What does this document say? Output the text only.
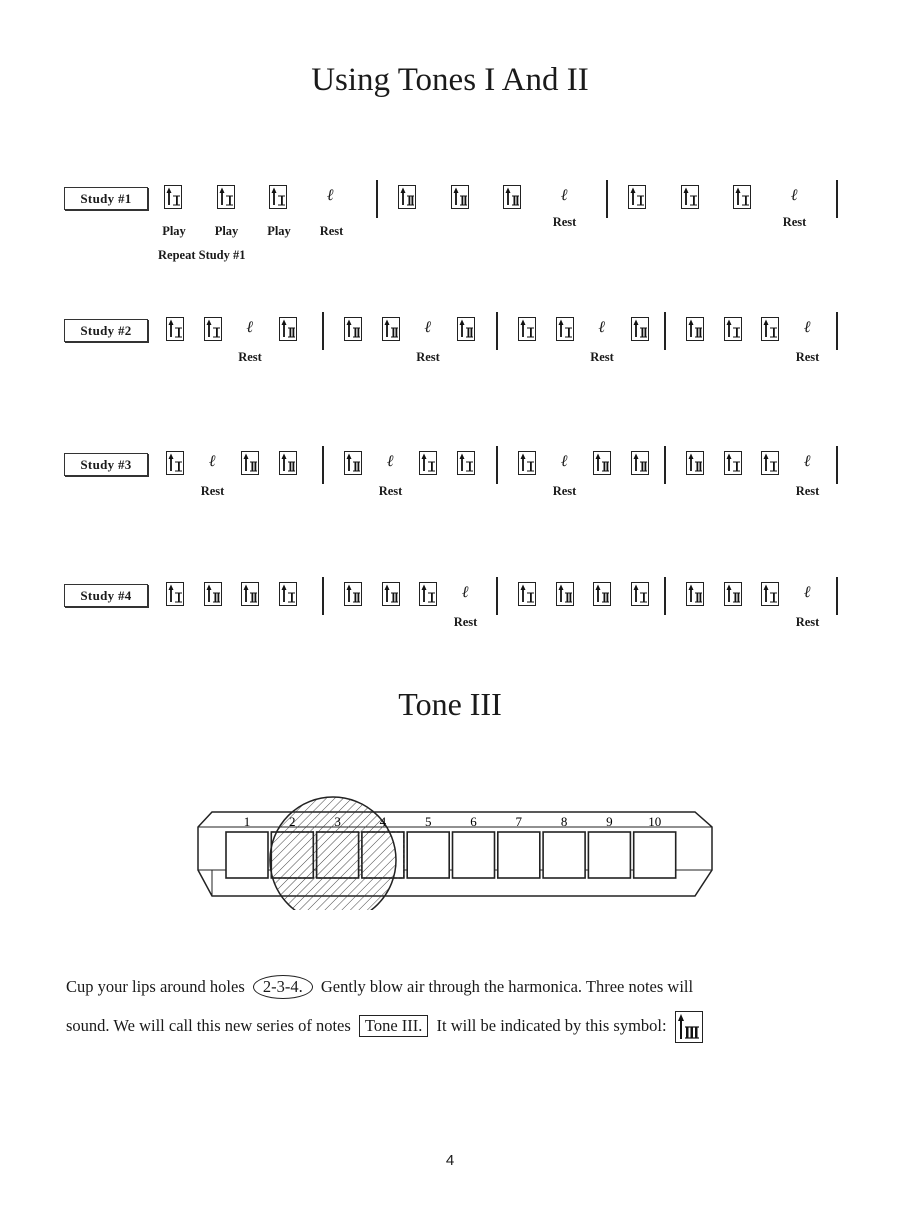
Using Tones I And II
Study #1	ℓ	ℓ
Rest
ℓ
Rest
Play	Play	Play	Rest
Repeat Study #1
Study #2	ℓ
Rest
ℓ
Rest
ℓ
Rest
ℓ
Rest
Study #3	ℓ
Rest
ℓ
Rest
ℓ
Rest
ℓ
Rest
Study #4	ℓ
Rest
ℓ
Rest
Tone III
1	2	3	4	5	6	7	8	9	10
Cup your lips around holes 2-3-4. Gently blow air through the harmonica. Three notes will
sound. We will call this new series of notes Tone III. It will be indicated by this symbol:
4
